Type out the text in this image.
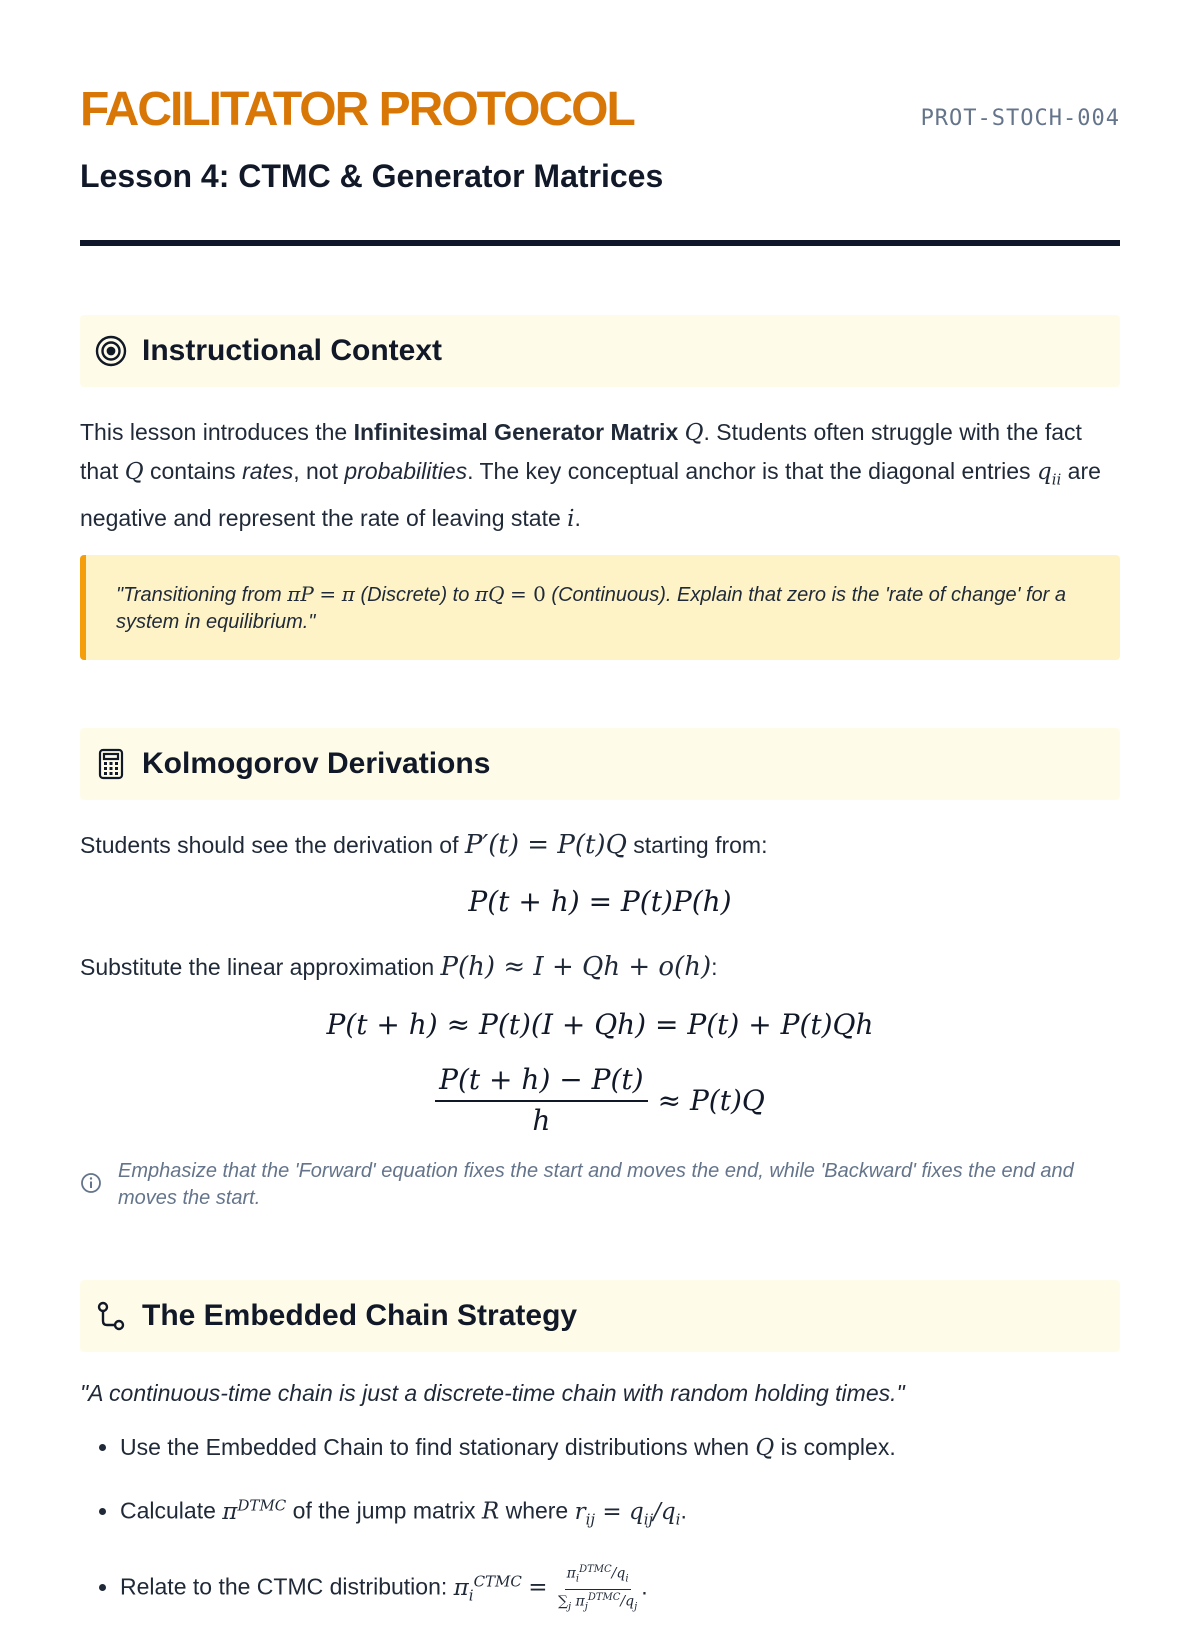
FACILITATOR PROTOCOL	PROT-STOCH-004
Lesson 4: CTMC & Generator Matrices
Instructional Context

This lesson introduces the Infinitesimal Generator Matrix Q. Students often struggle with the fact that Q contains rates, not probabilities. The key conceptual anchor is that the diagonal entries $q_{ii}$ are negative and represent the rate of leaving state i.

"Transitioning from πP = π (Discrete) to πQ = 0 (Continuous). Explain that zero is the 'rate of change' for a system in equilibrium."

Kolmogorov Derivations

Students should see the derivation of P′(t) = P(t)Q starting from:

P(t + h) = P(t)P(h)

Substitute the linear approximation P(h) ≈ I + Qh + o(h):

P(t + h) ≈ P(t)(I + Qh) = P(t) + P(t)Qh
$\frac{P(t + h) - P(t)}{h} \approx P(t)Q$

Emphasize that the 'Forward' equation fixes the start and moves the end, while 'Backward' fixes the end and moves the start.

The Embedded Chain Strategy

"A continuous-time chain is just a discrete-time chain with random holding times."

• Use the Embedded Chain to find stationary distributions when Q is complex.
• Calculate $\pi^{DTMC}$ of the jump matrix R where $r_{ij} = q_{ij}/q_i$.
• Relate to the CTMC distribution: $\pi_i^{CTMC} = \frac{\pi_i^{DTMC}/q_i}{\sum_j \pi_j^{DTMC}/q_j}$ .
